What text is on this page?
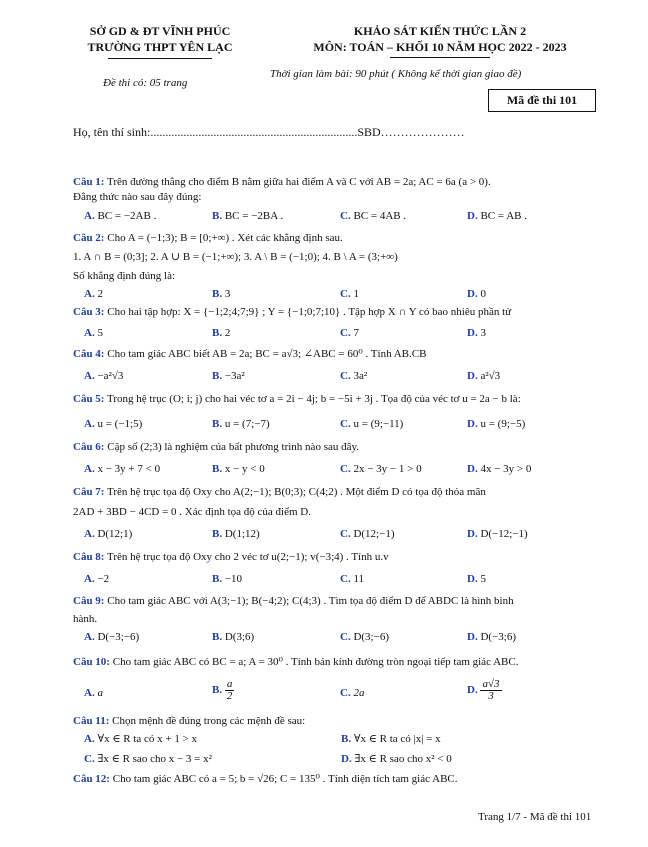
SỞ GD & ĐT VĨNH PHÚC
TRƯỜNG THPT YÊN LẠC
Đề thi có: 05 trang
KHẢO SÁT KIẾN THỨC LẦN 2
MÔN: TOÁN – KHỐI 10 NĂM HỌC 2022 - 2023
Thời gian làm bài: 90 phút ( Không kể thời gian giao đề)
Mã đề thi 101
Họ, tên thí sinh:.....................................................................SBD…………………
Câu 1: Trên đường thẳng cho điểm B nằm giữa hai điểm A và C với AB = 2a; AC = 6a (a > 0).
Đẳng thức nào sau đây đúng:
A. BC = −2AB .	B. BC = −2BA .	C. BC = 4AB .	D. BC = AB .
Câu 2: Cho A = (−1;3); B = [0;+∞) . Xét các khẳng định sau.
1. A ∩ B = (0;3]; 2. A ∪ B = (−1;+∞); 3. A \ B = (−1;0); 4. B \ A = (3;+∞)
Số khẳng định đúng là:
A. 2	B. 3	C. 1	D. 0
Câu 3: Cho hai tập hợp: X = {−1;2;4;7;9} ; Y = {−1;0;7;10} . Tập hợp X ∩ Y có bao nhiêu phần tử
A. 5	B. 2	C. 7	D. 3
Câu 4: Cho tam giác ABC biết AB = 2a; BC = a√3; ∠ABC = 60⁰ . Tính AB.CB
A. −a²√3	B. −3a²	C. 3a²	D. a²√3
Câu 5: Trong hệ trục (O; i; j) cho hai véc tơ a = 2i − 4j; b = −5i + 3j . Tọa độ của véc tơ u = 2a − b là:
A. u = (−1;5)	B. u = (7;−7)	C. u = (9;−11)	D. u = (9;−5)
Câu 6: Cặp số (2;3) là nghiệm của bất phương trình nào sau đây.
A. x − 3y + 7 < 0	B. x − y < 0	C. 2x − 3y − 1 > 0	D. 4x − 3y > 0
Câu 7: Trên hệ trục tọa độ Oxy cho A(2;−1); B(0;3); C(4;2) . Một điểm D có tọa độ thỏa mãn
2AD + 3BD − 4CD = 0 . Xác định tọa độ của điểm D.
A. D(12;1)	B. D(1;12)	C. D(12;−1)	D. D(−12;−1)
Câu 8: Trên hệ trục tọa độ Oxy cho 2 véc tơ u(2;−1); v(−3;4) . Tính u.v
A. −2	B. −10	C. 11	D. 5
Câu 9: Cho tam giác ABC với A(3;−1); B(−4;2); C(4;3) . Tìm tọa độ điểm D để ABDC là hình bình
hành.
A. D(−3;−6)	B. D(3;6)	C. D(3;−6)	D. D(−3;6)
Câu 10: Cho tam giác ABC có BC = a; A = 30⁰ . Tính bán kính đường tròn ngoại tiếp tam giác ABC.
A. a	B. $\frac{a}{2}$	C. 2a	D. $\frac{a√3}{3}$
Câu 11: Chọn mệnh đề đúng trong các mệnh đề sau:
A. ∀x ∈ R ta có x + 1 > x	B. ∀x ∈ R ta có |x| = x
C. ∃x ∈ R sao cho x − 3 = x²	D. ∃x ∈ R sao cho x² < 0
Câu 12: Cho tam giác ABC có a = 5; b = √26; C = 135⁰ . Tính diện tích tam giác ABC.
Trang 1/7 - Mã đề thi 101
